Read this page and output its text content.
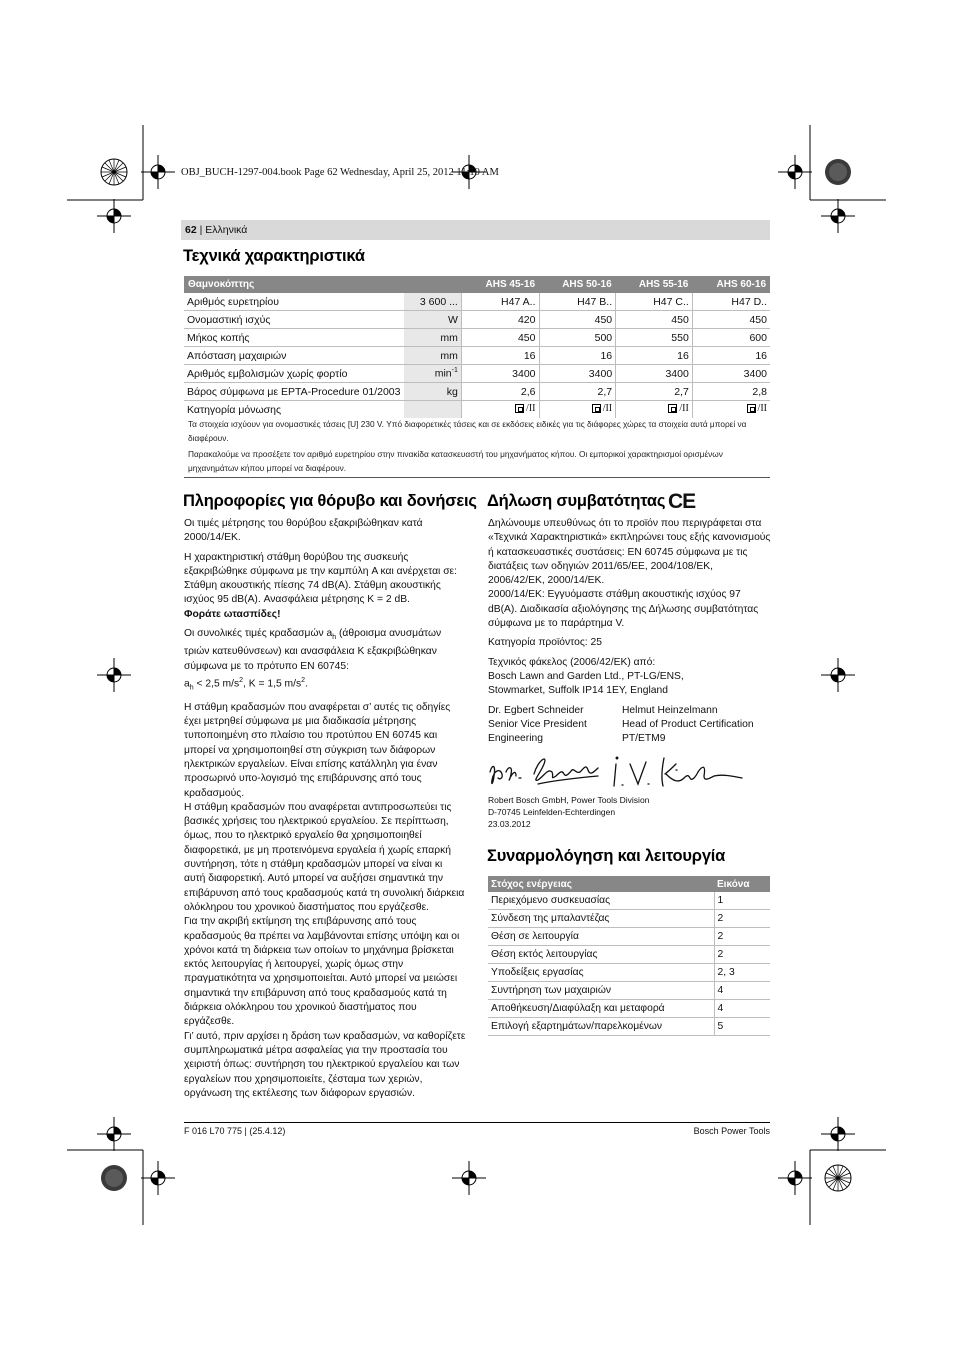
OBJ_BUCH-1297-004.book Page 62 Wednesday, April 25, 2012 11:10 AM
62 | Ελληνικά
Τεχνικά χαρακτηριστικά
Θαμνοκόπτης		AHS 45-16	AHS 50-16	AHS 55-16	AHS 60-16
Αριθμός ευρετηρίου	3 600 ...	H47 A..	H47 B..	H47 C..	H47 D..
Ονομαστική ισχύς	W	420	450	450	450
Μήκος κοπής	mm	450	500	550	600
Απόσταση μαχαιριών	mm	16	16	16	16
Αριθμός εμβολισμών χωρίς φορτίο	$\min^{-1}$	3400	3400	3400	3400
Βάρος σύμφωνα με EPTA-Procedure 01/2003	kg	2,6	2,7	2,7	2,8
Κατηγορία μόνωσης		/II	/II	/II	/II
Τα στοιχεία ισχύουν για ονομαστικές τάσεις [U] 230 V. Υπό διαφορετικές τάσεις και σε εκδόσεις ειδικές για τις διάφορες χώρες τα στοιχεία αυτά μπορεί να διαφέρουν.
Παρακαλούμε να προσέξετε τον αριθμό ευρετηρίου στην πινακίδα κατασκευαστή του μηχανήματος κήπου. Οι εμπορικοί χαρακτηρισμοί ορισμένων μηχανημάτων κήπου μπορεί να διαφέρουν.
Πληροφορίες για θόρυβο και δονήσεις

Οι τιμές μέτρησης του θορύβου εξακριβώθηκαν κατά 2000/14/EK.

Η χαρακτηριστική στάθμη θορύβου της συσκευής εξακριβώθηκε σύμφωνα με την καμπύλη A και ανέρχεται σε: Στάθμη ακουστικής πίεσης 74 dB(A). Στάθμη ακουστικής ισχύος 95 dB(A). Ανασφάλεια μέτρησης K = 2 dB.

Φοράτε ωτασπίδες!

Οι συνολικές τιμές κραδασμών $a_h$ (άθροισμα ανυσμάτων τριών κατευθύνσεων) και ανασφάλεια K εξακριβώθηκαν σύμφωνα με το πρότυπο EN 60745:

$a_h < 2,5$ $m/s^2$, K = 1,5 $m/s^2$.

Η στάθμη κραδασμών που αναφέρεται σ’ αυτές τις οδηγίες έχει μετρηθεί σύμφωνα με μια διαδικασία μέτρησης τυποποιημένη στο πλαίσιο του προτύπου EN 60745 και μπορεί να χρησιμοποιηθεί στη σύγκριση των διάφορων ηλεκτρικών εργαλείων. Είναι επίσης κατάλληλη για έναν προσωρινό υπο-λογισμό της επιβάρυνσης από τους κραδασμούς.

Η στάθμη κραδασμών που αναφέρεται αντιπροσωπεύει τις βασικές χρήσεις του ηλεκτρικού εργαλείου. Σε περίπτωση, όμως, που το ηλεκτρικό εργαλείο θα χρησιμοποιηθεί διαφορετικά, με μη προτεινόμενα εργαλεία ή χωρίς επαρκή συντήρηση, τότε η στάθμη κραδασμών μπορεί να είναι κι αυτή διαφορετική. Αυτό μπορεί να αυξήσει σημαντικά την επιβάρυνση από τους κραδασμούς κατά τη συνολική διάρκεια ολόκληρου του χρονικού διαστήματος που εργάζεσθε.

Για την ακριβή εκτίμηση της επιβάρυνσης από τους κραδασμούς θα πρέπει να λαμβάνονται επίσης υπόψη και οι χρόνοι κατά τη διάρκεια των οποίων το μηχάνημα βρίσκεται εκτός λειτουργίας ή λειτουργεί, χωρίς όμως στην πραγματικότητα να χρησιμοποιείται. Αυτό μπορεί να μειώσει σημαντικά την επιβάρυνση από τους κραδασμούς κατά τη διάρκεια ολόκληρου του χρονικού διαστήματος που εργάζεσθε.

Γι’ αυτό, πριν αρχίσει η δράση των κραδασμών, να καθορίζετε συμπληρωματικά μέτρα ασφαλείας για την προστασία του χειριστή όπως: συντήρηση του ηλεκτρικού εργαλείου και των εργαλείων που χρησιμοποιείτε, ζέσταμα των χεριών, οργάνωση της εκτέλεσης των διάφορων εργασιών.

Δήλωση συμβατότητας CE

Δηλώνουμε υπευθύνως ότι το προϊόν που περιγράφεται στα «Τεχνικά Χαρακτηριστικά» εκπληρώνει τους εξής κανονισμούς ή κατασκευαστικές συστάσεις: EN 60745 σύμφωνα με τις διατάξεις των οδηγιών 2011/65/EE, 2004/108/EK, 2006/42/EK, 2000/14/EK.

2000/14/EK: Εγγυόμαστε στάθμη ακουστικής ισχύος 97 dB(A). Διαδικασία αξιολόγησης της Δήλωσης συμβατότητας σύμφωνα με το παράρτημα V.

Κατηγορία προϊόντος: 25

Τεχνικός φάκελος (2006/42/EK) από:

Bosch Lawn and Garden Ltd., PT-LG/ENS,

Stowmarket, Suffolk IP14 1EY, England

Dr. Egbert Schneider
Senior Vice President
Engineering
Helmut Heinzelmann
Head of Product Certification
PT/ETM9

Robert Bosch GmbH, Power Tools Division

D-70745 Leinfelden-Echterdingen

23.03.2012

Συναρμολόγηση και λειτουργία
Στόχος ενέργειας	Εικόνα
Περιεχόμενο συσκευασίας	1
Σύνδεση της μπαλαντέζας	2
Θέση σε λειτουργία	2
Θέση εκτός λειτουργίας	2
Υποδείξεις εργασίας	2, 3
Συντήρηση των μαχαιριών	4
Αποθήκευση/Διαφύλαξη και μεταφορά	4
Επιλογή εξαρτημάτων/παρελκομένων	5
F 016 L70 775 | (25.4.12)	Bosch Power Tools
